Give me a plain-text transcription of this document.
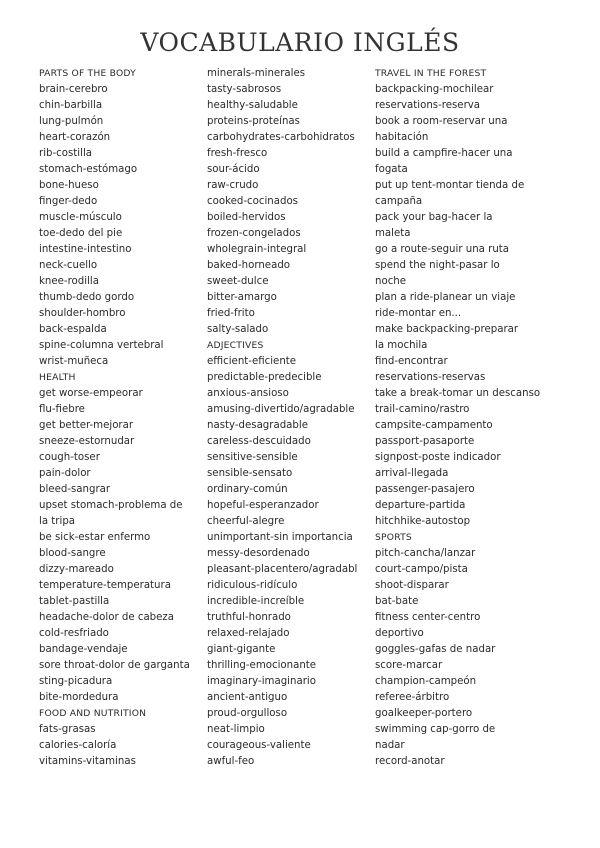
VOCABULARIO INGLÉS
PARTS OF THE BODY
brain-cerebro
chin-barbilla
lung-pulmón
heart-corazón
rib-costilla
stomach-estómago
bone-hueso
finger-dedo
muscle-músculo
toe-dedo del pie
intestine-intestino
neck-cuello
knee-rodilla
thumb-dedo gordo
shoulder-hombro
back-espalda
spine-columna vertebral
wrist-muñeca
HEALTH
get worse-empeorar
flu-fiebre
get better-mejorar
sneeze-estornudar
cough-toser
pain-dolor
bleed-sangrar
upset stomach-problema de
la tripa
be sick-estar enfermo
blood-sangre
dizzy-mareado
temperature-temperatura
tablet-pastilla
headache-dolor de cabeza
cold-resfriado
bandage-vendaje
sore throat-dolor de garganta
sting-picadura
bite-mordedura
FOOD AND NUTRITION
fats-grasas
calories-caloría
vitamins-vitaminas
minerals-minerales
tasty-sabrosos
healthy-saludable
proteins-proteínas
carbohydrates-carbohidratos
fresh-fresco
sour-ácido
raw-crudo
cooked-cocinados
boiled-hervidos
frozen-congelados
wholegrain-integral
baked-horneado
sweet-dulce
bitter-amargo
fried-frito
salty-salado
ADJECTIVES
efficient-eficiente
predictable-predecible
anxious-ansioso
amusing-divertido/agradable
nasty-desagradable
careless-descuidado
sensitive-sensible
sensible-sensato
ordinary-común
hopeful-esperanzador
cheerful-alegre
unimportant-sin importancia
messy-desordenado
pleasant-placentero/agradabl
ridiculous-ridículo
incredible-increíble
truthful-honrado
relaxed-relajado
giant-gigante
thrilling-emocionante
imaginary-imaginario
ancient-antiguo
proud-orgulloso
neat-limpio
courageous-valiente
awful-feo
TRAVEL IN THE FOREST
backpacking-mochilear
reservations-reserva
book a room-reservar una
habitación
build a campfire-hacer una
fogata
put up tent-montar tienda de
campaña
pack your bag-hacer la
maleta
go a route-seguir una ruta
spend the night-pasar lo
noche
plan a ride-planear un viaje
ride-montar en...
make backpacking-preparar
la mochila
find-encontrar
reservations-reservas
take a break-tomar un descanso
trail-camino/rastro
campsite-campamento
passport-pasaporte
signpost-poste indicador
arrival-llegada
passenger-pasajero
departure-partida
hitchhike-autostop
SPORTS
pitch-cancha/lanzar
court-campo/pista
shoot-disparar
bat-bate
fitness center-centro
deportivo
goggles-gafas de nadar
score-marcar
champion-campeón
referee-árbitro
goalkeeper-portero
swimming cap-gorro de
nadar
record-anotar
